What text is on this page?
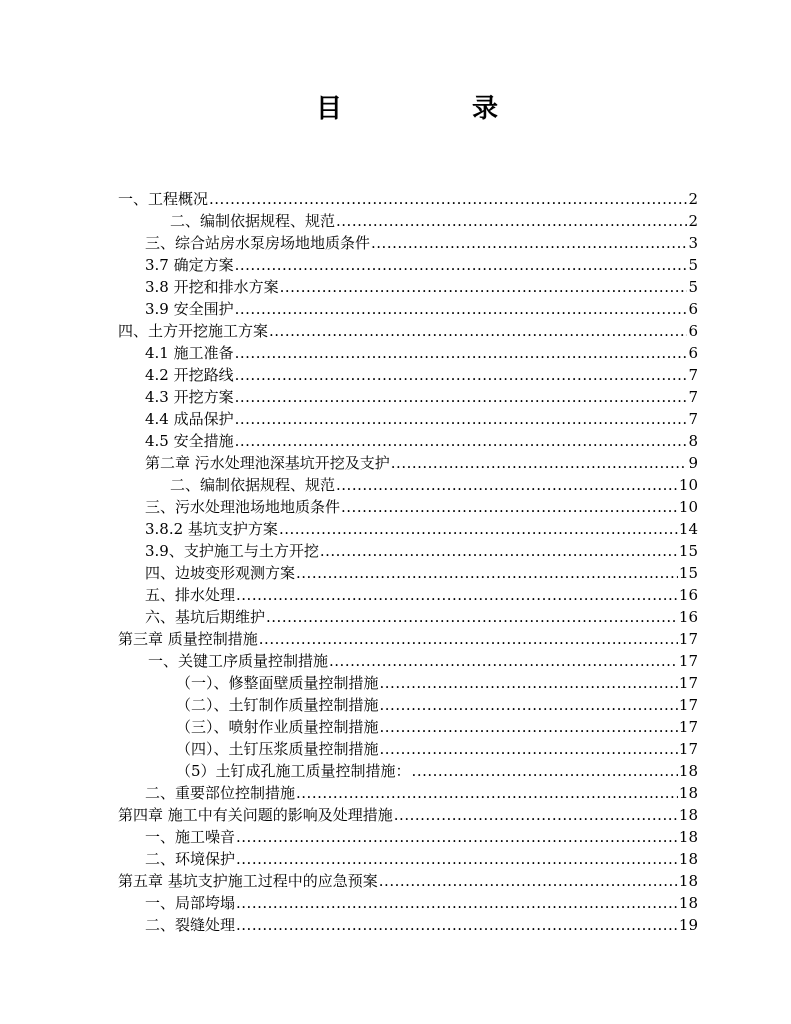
目	录
一、工程概况 .....	2
二、编制依据规程、规范 .....	2
三、综合站房水泵房场地地质条件 .....	3
3.7 确定方案 .....	5
3.8 开挖和排水方案 .....	5
3.9 安全围护 .....	6
四、土方开挖施工方案 .....	6
4.1 施工准备 .....	6
4.2 开挖路线 .....	7
4.3 开挖方案 .....	7
4.4 成品保护 .....	7
4.5 安全措施 .....	8
第二章 污水处理池深基坑开挖及支护 .....	9
二、编制依据规程、规范 .....	10
三、污水处理池场地地质条件 .....	10
3.8.2 基坑支护方案 .....	14
3.9、支护施工与土方开挖 .....	15
四、边坡变形观测方案 .....	15
五、排水处理 .....	16
六、基坑后期维护 .....	16
第三章 质量控制措施 .....	17
一、关键工序质量控制措施 .....	17
（一）、修整面壁质量控制措施 .....	17
（二）、土钉制作质量控制措施 .....	17
（三）、喷射作业质量控制措施 .....	17
（四）、土钉压浆质量控制措施 .....	17
（5）土钉成孔施工质量控制措施： .....	18
二、重要部位控制措施 .....	18
第四章 施工中有关问题的影响及处理措施 .....	18
一、施工噪音 .....	18
二、环境保护 .....	18
第五章 基坑支护施工过程中的应急预案 .....	18
一、局部垮塌 .....	18
二、裂缝处理 .....	19
